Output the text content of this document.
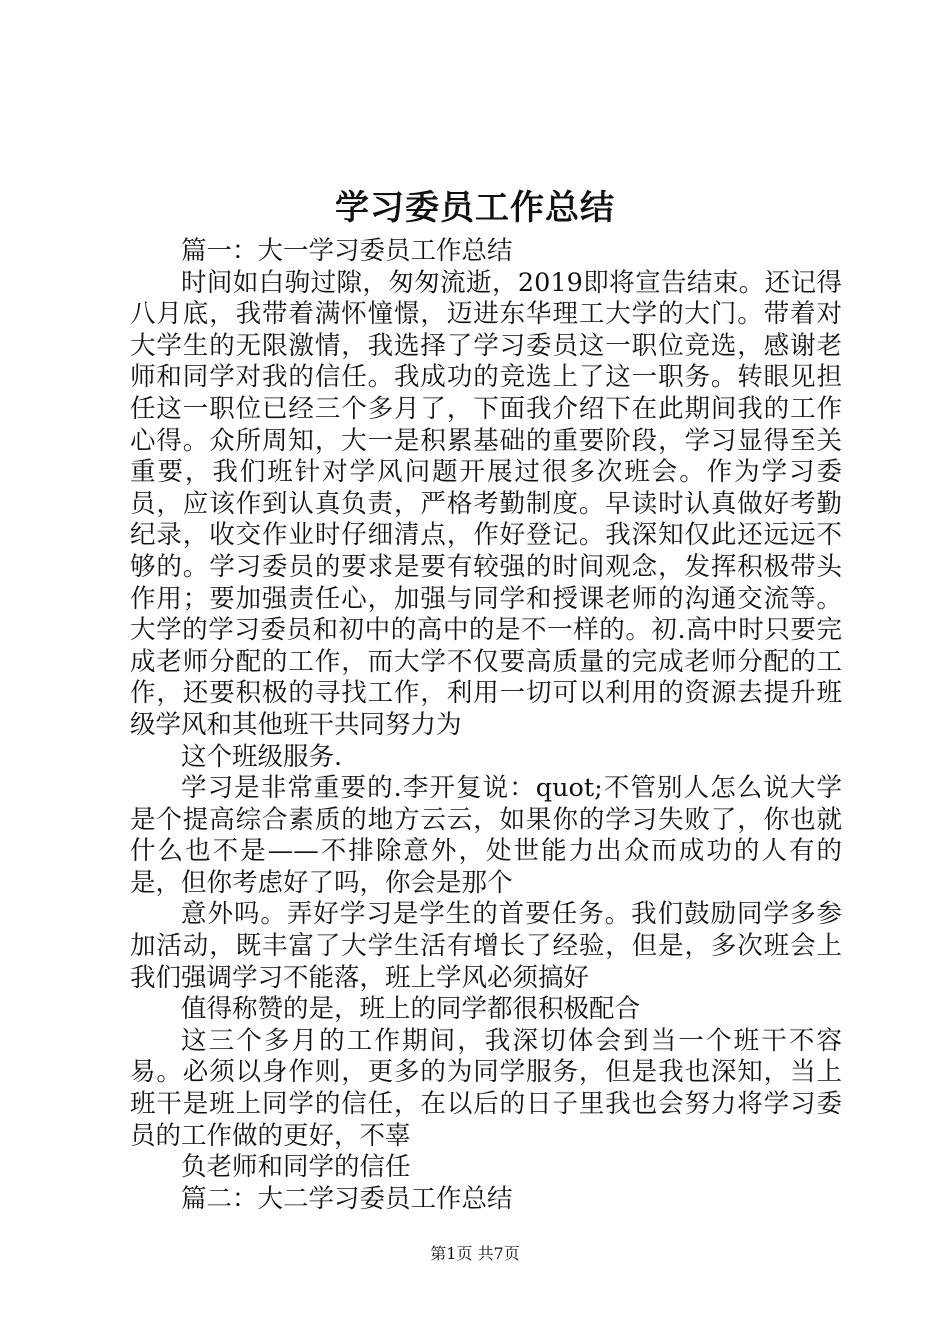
学习委员工作总结

篇一：大一学习委员工作总结

时间如白驹过隙，匆匆流逝，2019即将宣告结束。还记得八月底，我带着满怀憧憬，迈进东华理工大学的大门。带着对大学生的无限激情，我选择了学习委员这一职位竞选，感谢老师和同学对我的信任。我成功的竞选上了这一职务。转眼见担任这一职位已经三个多月了，下面我介绍下在此期间我的工作心得。众所周知，大一是积累基础的重要阶段，学习显得至关重要，我们班针对学风问题开展过很多次班会。作为学习委员，应该作到认真负责，严格考勤制度。早读时认真做好考勤纪录，收交作业时仔细清点，作好登记。我深知仅此还远远不够的。学习委员的要求是要有较强的时间观念，发挥积极带头作用；要加强责任心，加强与同学和授课老师的沟通交流等。大学的学习委员和初中的高中的是不一样的。初.高中时只要完成老师分配的工作，而大学不仅要高质量的完成老师分配的工作，还要积极的寻找工作，利用一切可以利用的资源去提升班级学风和其他班干共同努力为

这个班级服务.

学习是非常重要的.李开复说：quot;不管别人怎么说大学是个提高综合素质的地方云云，如果你的学习失败了，你也就什么也不是——不排除意外，处世能力出众而成功的人有的是，但你考虑好了吗，你会是那个

意外吗。弄好学习是学生的首要任务。我们鼓励同学多参加活动，既丰富了大学生活有增长了经验，但是，多次班会上我们强调学习不能落，班上学风必须搞好

值得称赞的是，班上的同学都很积极配合

这三个多月的工作期间，我深切体会到当一个班干不容易。必须以身作则，更多的为同学服务，但是我也深知，当上班干是班上同学的信任，在以后的日子里我也会努力将学习委员的工作做的更好，不辜

负老师和同学的信任

篇二：大二学习委员工作总结

第1页 共7页
